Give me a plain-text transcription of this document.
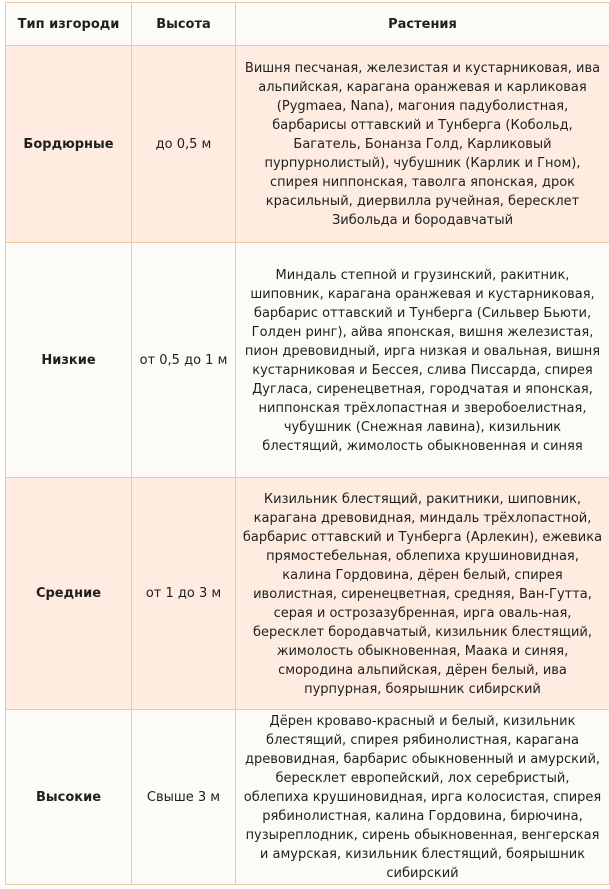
Тип изгороди	Высота	Растения
Бордюрные	до 0,5 м	Вишня песчаная, железистая и кустарниковая, ива альпийская, карагана оранжевая и карликовая (Pygmaea, Nana), магония падуболистная, барбарисы оттавский и Тунберга (Кобольд, Багатель, Бонанза Голд, Карликовый пурпурнолистый), чубушник (Карлик и Гном), спирея ниппонская, таволга японская, дрок красильный, диервилла ручейная, бересклет Зибольда и бородавчатый
Низкие	от 0,5 до 1 м	Миндаль степной и грузинский, ракитник, шиповник, карагана оранжевая и кустарниковая, барбарис оттавский и Тунберга (Сильвер Бьюти, Голден ринг), айва японская, вишня железистая, пион древовидный, ирга низкая и овальная, вишня кустарниковая и Бессея, слива Писсарда, спирея Дугласа, сиренецветная, городчатая и японская, ниппонская трёхлопастная и зверобоелистная, чубушник (Снежная лавина), кизильник блестящий, жимолость обыкновенная и синяя
Средние	от 1 до 3 м	Кизильник блестящий, ракитники, шиповник, карагана древовидная, миндаль трёхлопастной, барбарис оттавский и Тунберга (Арлекин), ежевика прямостебельная, облепиха крушиновидная, калина Гордовина, дёрен белый, спирея иволистная, сиренецветная, средняя, Ван-Гутта, серая и острозазубренная, ирга оваль-ная, бересклет бородавчатый, кизильник блестящий, жимолость обыкновенная, Маака и синяя, смородина альпийская, дёрен белый, ива пурпурная, боярышник сибирский
Высокие	Свыше 3 м	Дёрен кроваво-красный и белый, кизильник блестящий, спирея рябинолистная, карагана древовидная, барбарис обыкновенный и амурский, бересклет европейский, лох серебристый, облепиха крушиновидная, ирга колосистая, спирея рябинолистная, калина Гордовина, бирючина, пузыреплодник, сирень обыкновенная, венгерская и амурская, кизильник блестящий, боярышник сибирский
